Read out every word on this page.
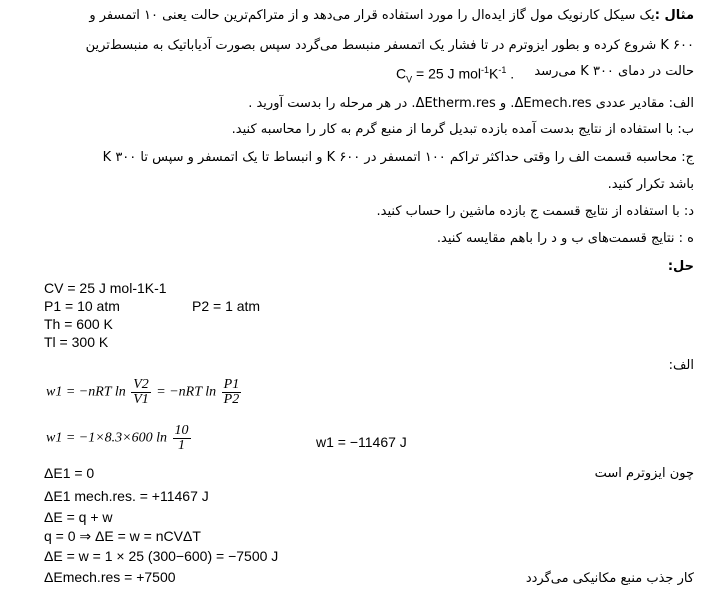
مثال :یک سیکل کارنویک مول گاز ایده‌ال را مورد استفاده قرار می‌دهد و از متراکم‌ترین حالت یعنی ۱۰ اتمسفر و
۶۰۰ K شروع کرده و بطور ایزوترم در تا فشار یک اتمسفر منبسط می‌گردد سپس بصورت آدیاباتیک به منبسط‌ترین
حالت در دمای ۳۰۰ K می‌رسد
$C_V = 25$ J $mol^{-1}K^{-1}$ .
الف: مقادیر عددی ΔEmech.res. و ΔEtherm.res. در هر مرحله را بدست آورید .
ب: با استفاده از نتایج بدست آمده بازده تبدیل گرما از منبع گرم به کار را محاسبه کنید.
ج: محاسبه قسمت الف را وقتی حداکثر تراکم ۱۰۰ اتمسفر در ۶۰۰ K و انبساط تا یک اتمسفر و سپس تا ۳۰۰ K
باشد تکرار کنید.
د: با استفاده از نتایج قسمت ج بازده ماشین را حساب کنید.
ه : نتایج قسمت‌های ب و د را باهم مقایسه کنید.
حل:
CV = 25 J mol-1K-1
P1 = 10 atm	P2 = 1 atm
Th = 600 K
Tl = 300 K
الف:
w1 = −nRT $\ln \frac{V2}{V1} = -nRT$ $\ln \frac{P1}{P2}$
w1 = −1×8.3×600 $\ln \frac{10}{1}$	w1 = −11467 J
ΔE1 = 0	چون ایزوترم است
ΔE1 mech.res. = +11467 J
ΔE = q + w
q = 0 ⇒ ΔE = w = nCVΔT
ΔE = w = 1 × 25 (300−600) = −7500 J
ΔEmech.res = +7500	کار جذب منبع مکانیکی می‌گردد
